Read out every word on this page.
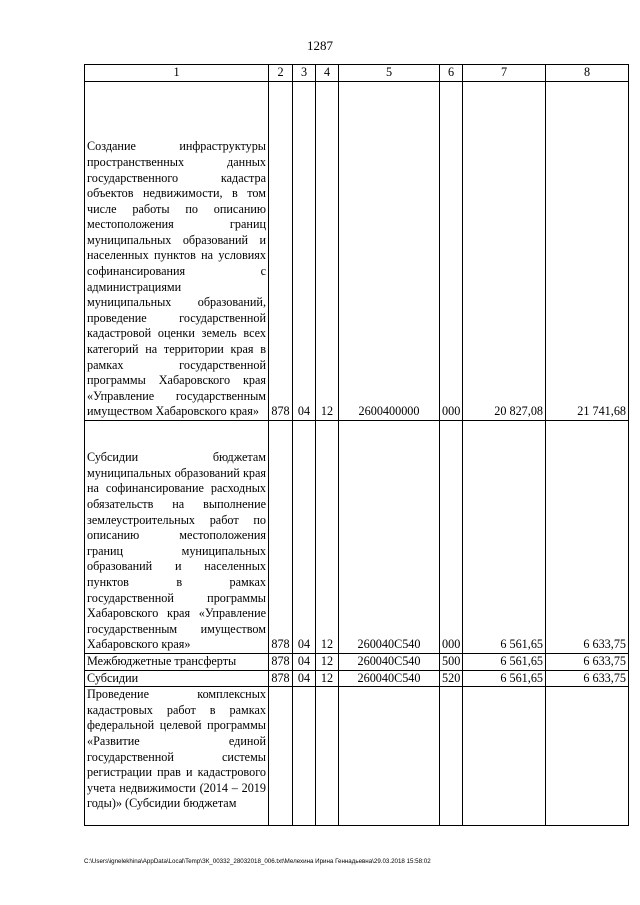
1287
1	2	3	4	5	6	7	8
Создание инфраструктуры пространственных данных государственного кадастра объектов недвижимости, в том числе работы по описанию местоположения границ муниципальных образований и населенных пунктов на условиях софинансирования с администрациями муниципальных образований, проведение государственной кадастровой оценки земель всех категорий на территории края в рамках государственной программы Хабаровского края «Управление государственным имуществом Хабаровского края»	878	04	12	2600400000	000	20 827,08	21 741,68
Субсидии бюджетам муниципальных образований края на софинансирование расходных обязательств на выполнение землеустроительных работ по описанию местоположения границ муниципальных образований и населенных пунктов в рамках государственной программы Хабаровского края «Управление государственным имуществом Хабаровского края»	878	04	12	260040С540	000	6 561,65	6 633,75
Межбюджетные трансферты	878	04	12	260040С540	500	6 561,65	6 633,75
Субсидии	878	04	12	260040С540	520	6 561,65	6 633,75
Проведение комплексных кадастровых работ в рамках федеральной целевой программы «Развитие единой государственной системы регистрации прав и кадастрового учета недвижимости (2014 – 2019 годы)» (Субсидии бюджетам							
C:\Users\ignelekhina\AppData\Local\Temp\ЗК_00332_28032018_006.txt\Мелехина Ирина Геннадьевна\29.03.2018 15:58:02
